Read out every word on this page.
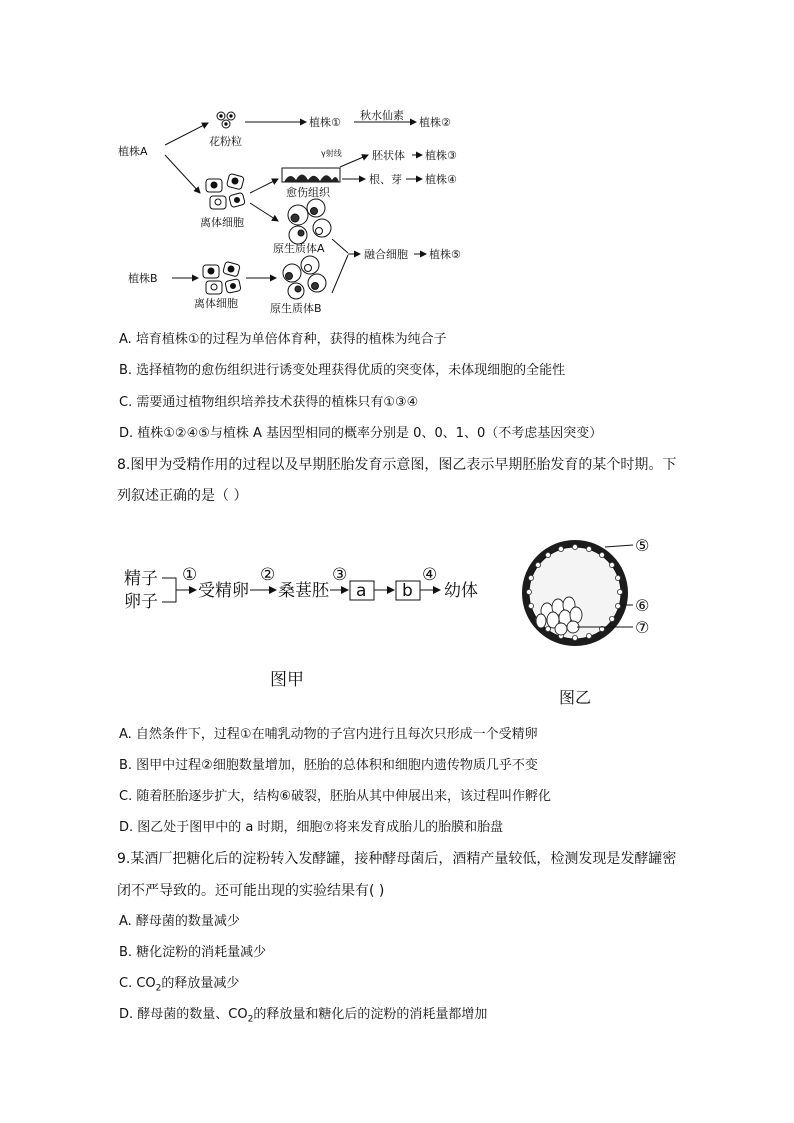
植株A
花粉粒
植株①
秋水仙素
植株②
γ射线	胚状体 植株③
愈伤组织
根、芽 植株④
离体细胞
原生质体A	融合细胞 植株⑤
植株B
离体细胞	原生质体B
A. 培育植株①的过程为单倍体育种，获得的植株为纯合子
B. 选择植物的愈伤组织进行诱变处理获得优质的突变体，未体现细胞的全能性
C. 需要通过植物组织培养技术获得的植株只有①③④
D. 植株①②④⑤与植株 A 基因型相同的概率分别是 0、0、1、0（不考虑基因突变）
8.图甲为受精作用的过程以及早期胚胎发育示意图，图乙表示早期胚胎发育的某个时期。下
列叙述正确的是（ ）
精子
卵子
①
受精卵
②
桑葚胚
③
a b
④
幼体
图甲
⑤
⑥
⑦
图乙
A. 自然条件下，过程①在哺乳动物的子宫内进行且每次只形成一个受精卵
B. 图甲中过程②细胞数量增加，胚胎的总体积和细胞内遗传物质几乎不变
C. 随着胚胎逐步扩大，结构⑥破裂，胚胎从其中伸展出来，该过程叫作孵化
D. 图乙处于图甲中的 a 时期，细胞⑦将来发育成胎儿的胎膜和胎盘
9.某酒厂把糖化后的淀粉转入发酵罐，接种酵母菌后，酒精产量较低，检测发现是发酵罐密
闭不严导致的。还可能出现的实验结果有( )
A. 酵母菌的数量减少
B. 糖化淀粉的消耗量减少
C. $CO_2$的释放量减少
D. 酵母菌的数量、$CO_2$的释放量和糖化后的淀粉的消耗量都增加
